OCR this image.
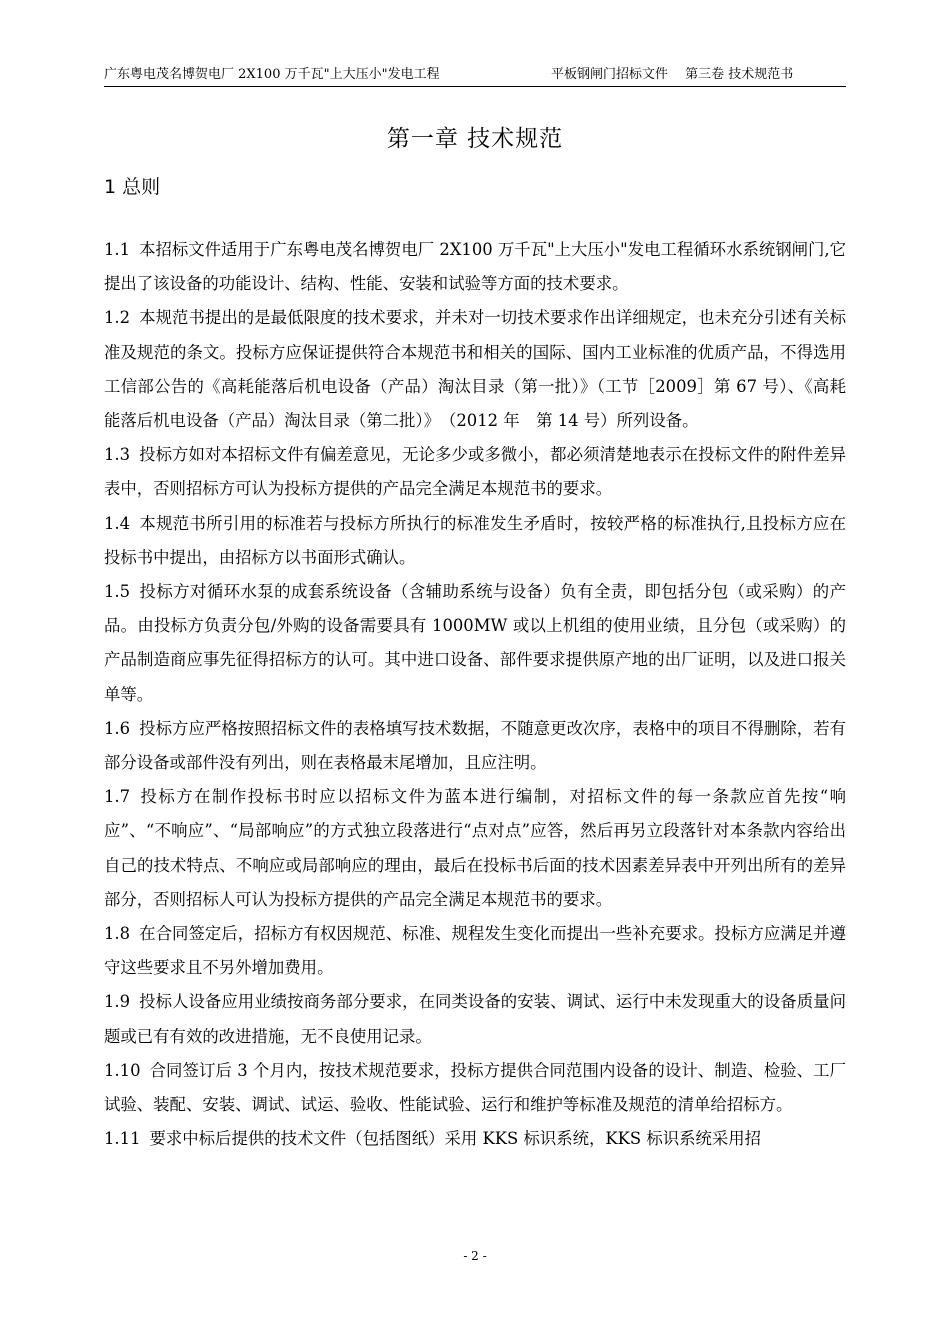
广东粤电茂名博贺电厂 2X100 万千瓦"上大压小"发电工程	平板钢闸门招标文件　 第三卷 技术规范书
第一章 技术规范
1 总则

1.1 本招标文件适用于广东粤电茂名博贺电厂 2X100 万千瓦"上大压小"发电工程循环水系统钢闸门,它提出了该设备的功能设计、结构、性能、安装和试验等方面的技术要求。

1.2 本规范书提出的是最低限度的技术要求，并未对一切技术要求作出详细规定，也未充分引述有关标准及规范的条文。投标方应保证提供符合本规范书和相关的国际、国内工业标准的优质产品，不得选用工信部公告的《高耗能落后机电设备（产品）淘汰目录（第一批）》（工节［2009］第 67 号）、《高耗能落后机电设备（产品）淘汰目录（第二批）》　（2012 年　第 14 号）所列设备。

1.3 投标方如对本招标文件有偏差意见，无论多少或多微小，都必须清楚地表示在投标文件的附件差异表中，否则招标方可认为投标方提供的产品完全满足本规范书的要求。

1.4 本规范书所引用的标准若与投标方所执行的标准发生矛盾时，按较严格的标准执行,且投标方应在投标书中提出，由招标方以书面形式确认。

1.5 投标方对循环水泵的成套系统设备（含辅助系统与设备）负有全责，即包括分包（或采购）的产品。由投标方负责分包/外购的设备需要具有 1000MW 或以上机组的使用业绩，且分包（或采购）的产品制造商应事先征得招标方的认可。其中进口设备、部件要求提供原产地的出厂证明，以及进口报关单等。

1.6 投标方应严格按照招标文件的表格填写技术数据，不随意更改次序，表格中的项目不得删除，若有部分设备或部件没有列出，则在表格最末尾增加，且应注明。

1.7 投标方在制作投标书时应以招标文件为蓝本进行编制，对招标文件的每一条款应首先按“响应”、“不响应”、“局部响应”的方式独立段落进行“点对点”应答，然后再另立段落针对本条款内容给出自己的技术特点、不响应或局部响应的理由，最后在投标书后面的技术因素差异表中开列出所有的差异部分，否则招标人可认为投标方提供的产品完全满足本规范书的要求。

1.8 在合同签定后，招标方有权因规范、标准、规程发生变化而提出一些补充要求。投标方应满足并遵守这些要求且不另外增加费用。

1.9 投标人设备应用业绩按商务部分要求，在同类设备的安装、调试、运行中未发现重大的设备质量问题或已有有效的改进措施，无不良使用记录。

1.10 合同签订后 3 个月内，按技术规范要求，投标方提供合同范围内设备的设计、制造、检验、工厂试验、装配、安装、调试、试运、验收、性能试验、运行和维护等标准及规范的清单给招标方。

1.11 要求中标后提供的技术文件（包括图纸）采用 KKS 标识系统，KKS 标识系统采用招

- 2 -
